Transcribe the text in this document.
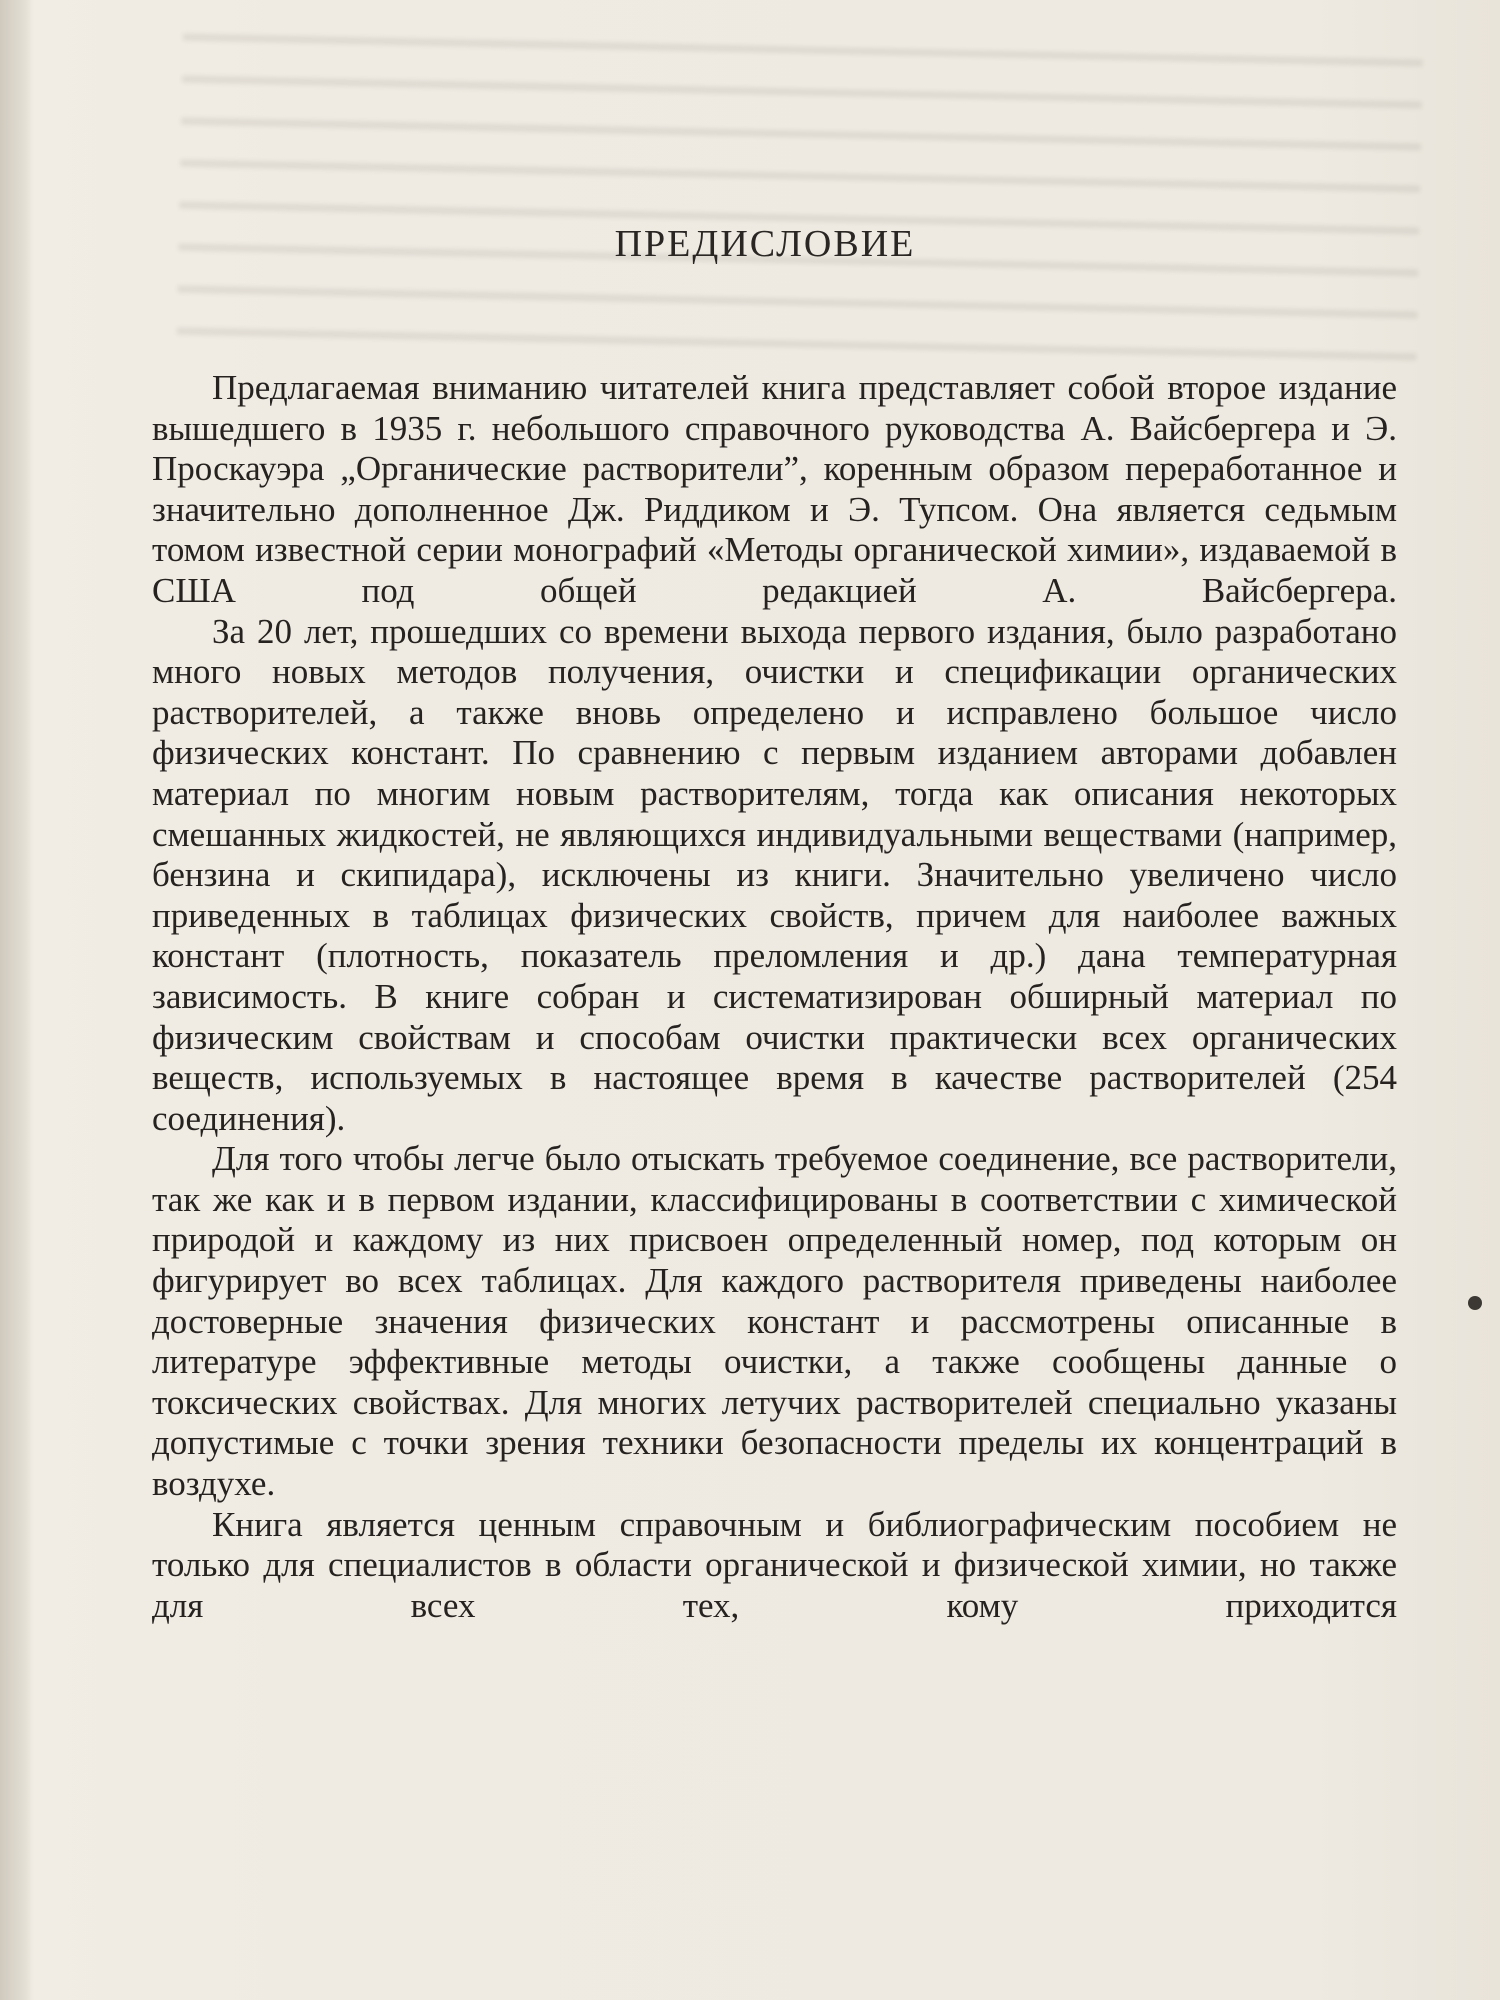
ПРЕДИСЛОВИЕ

Предлагаемая вниманию читателей книга представляет собой второе издание вышедшего в 1935 г. небольшого справочного руководства А. Вайсбергера и Э. Проскауэра „Органические растворители”, коренным образом переработанное и значительно дополненное Дж. Риддиком и Э. Тупсом. Она является седьмым томом известной серии монографий «Методы органической химии», издаваемой в США под общей редакцией А. Вайсбергера.

За 20 лет, прошедших со времени выхода первого издания, было разработано много новых методов получения, очистки и спецификации органических растворителей, а также вновь определено и исправлено большое число физических констант. По сравнению с первым изданием авторами добавлен материал по многим новым растворителям, тогда как описания некоторых смешанных жидкостей, не являющихся индивидуальными веществами (например, бензина и скипидара), исключены из книги. Значительно увеличено число приведенных в таблицах физических свойств, причем для наиболее важных констант (плотность, показатель преломления и др.) дана температурная зависимость. В книге собран и систематизирован обширный материал по физическим свойствам и способам очистки практически всех органических веществ, используемых в настоящее время в качестве растворителей (254 соединения).

Для того чтобы легче было отыскать требуемое соединение, все растворители, так же как и в первом издании, классифицированы в соответствии с химической природой и каждому из них присвоен определенный номер, под которым он фигурирует во всех таблицах. Для каждого растворителя приведены наиболее достоверные значения физических констант и рассмотрены описанные в литературе эффективные методы очистки, а также сообщены данные о токсических свойствах. Для многих летучих растворителей специально указаны допустимые с точки зрения техники безопасности пределы их концентраций в воздухе.

Книга является ценным справочным и библиографическим пособием не только для специалистов в области органической и физической химии, но также для всех тех, кому приходится
